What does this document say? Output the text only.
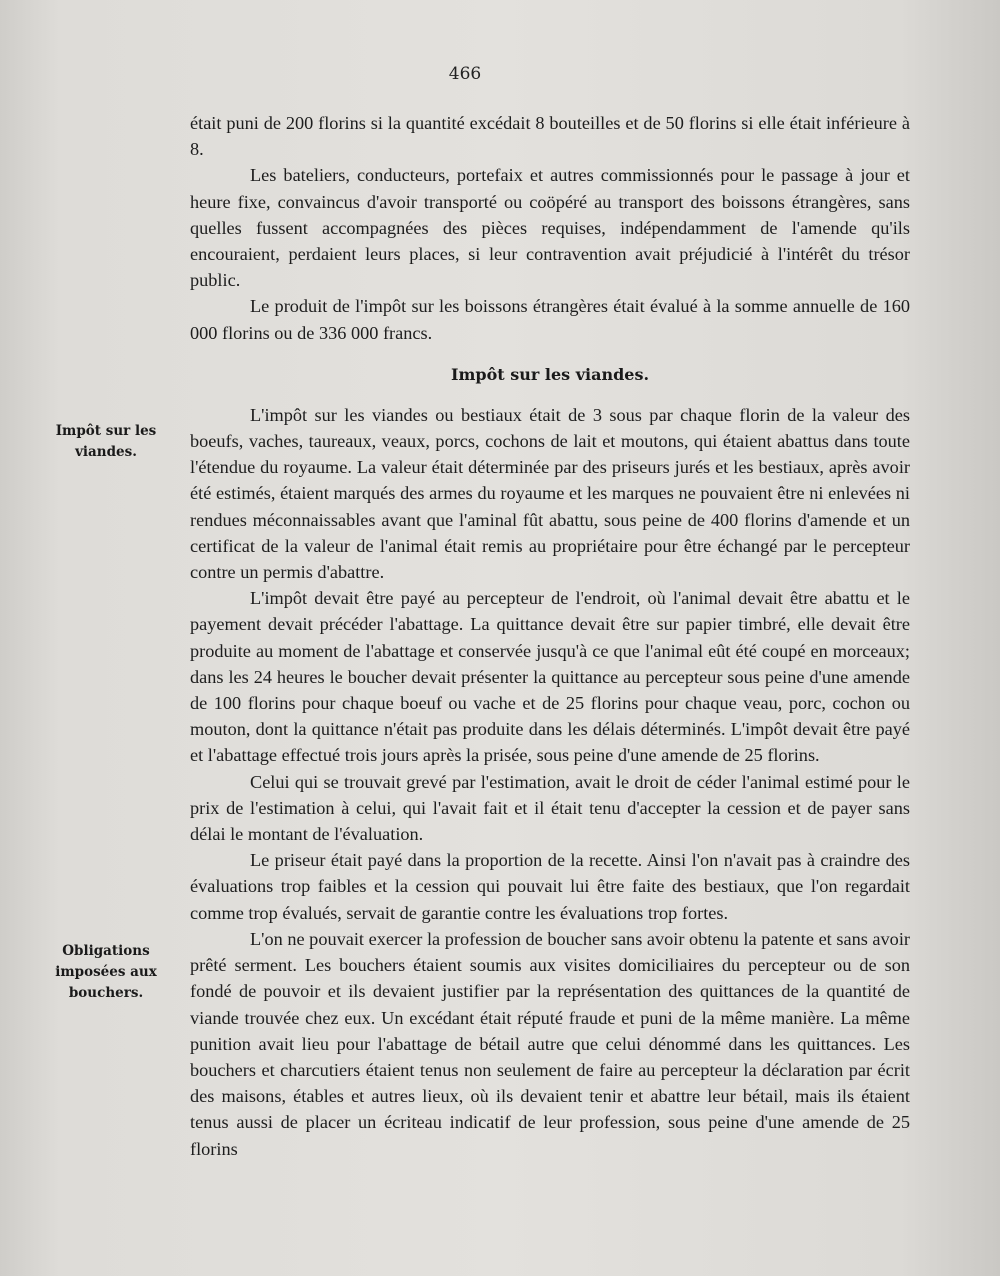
466
Impôt sur les viandes.
Obligations imposées aux bouchers.

était puni de 200 florins si la quantité excédait 8 bouteilles et de 50 florins si elle était inférieure à 8.

Les bateliers, conducteurs, portefaix et autres commissionnés pour le passage à jour et heure fixe, convaincus d'avoir transporté ou coöpéré au transport des boissons étrangères, sans quelles fussent accompagnées des pièces requises, indépendamment de l'amende qu'ils encouraient, perdaient leurs places, si leur contravention avait préjudicié à l'intérêt du trésor public.

Le produit de l'impôt sur les boissons étrangères était évalué à la somme annuelle de 160 000 florins ou de 336 000 francs.

Impôt sur les viandes.

L'impôt sur les viandes ou bestiaux était de 3 sous par chaque florin de la valeur des boeufs, vaches, taureaux, veaux, porcs, cochons de lait et moutons, qui étaient abattus dans toute l'étendue du royaume. La valeur était déterminée par des priseurs jurés et les bestiaux, après avoir été estimés, étaient marqués des armes du royaume et les marques ne pouvaient être ni enlevées ni rendues méconnaissables avant que l'aminal fût abattu, sous peine de 400 florins d'amende et un certificat de la valeur de l'animal était remis au propriétaire pour être échangé par le percepteur contre un permis d'abattre.

L'impôt devait être payé au percepteur de l'endroit, où l'animal devait être abattu et le payement devait précéder l'abattage. La quittance devait être sur papier timbré, elle devait être produite au moment de l'abattage et conservée jusqu'à ce que l'animal eût été coupé en morceaux; dans les 24 heures le boucher devait présenter la quittance au percepteur sous peine d'une amende de 100 florins pour chaque boeuf ou vache et de 25 florins pour chaque veau, porc, cochon ou mouton, dont la quittance n'était pas produite dans les délais déterminés. L'impôt devait être payé et l'abattage effectué trois jours après la prisée, sous peine d'une amende de 25 florins.

Celui qui se trouvait grevé par l'estimation, avait le droit de céder l'animal estimé pour le prix de l'estimation à celui, qui l'avait fait et il était tenu d'accepter la cession et de payer sans délai le montant de l'évaluation.

Le priseur était payé dans la proportion de la recette. Ainsi l'on n'avait pas à craindre des évaluations trop faibles et la cession qui pouvait lui être faite des bestiaux, que l'on regardait comme trop évalués, servait de garantie contre les évaluations trop fortes.

L'on ne pouvait exercer la profession de boucher sans avoir obtenu la patente et sans avoir prêté serment. Les bouchers étaient soumis aux visites domiciliaires du percepteur ou de son fondé de pouvoir et ils devaient justifier par la représentation des quittances de la quantité de viande trouvée chez eux. Un excédant était réputé fraude et puni de la même manière. La même punition avait lieu pour l'abattage de bétail autre que celui dénommé dans les quittances. Les bouchers et charcutiers étaient tenus non seulement de faire au percepteur la déclaration par écrit des maisons, étables et autres lieux, où ils devaient tenir et abattre leur bétail, mais ils étaient tenus aussi de placer un écriteau indicatif de leur profession, sous peine d'une amende de 25 florins
